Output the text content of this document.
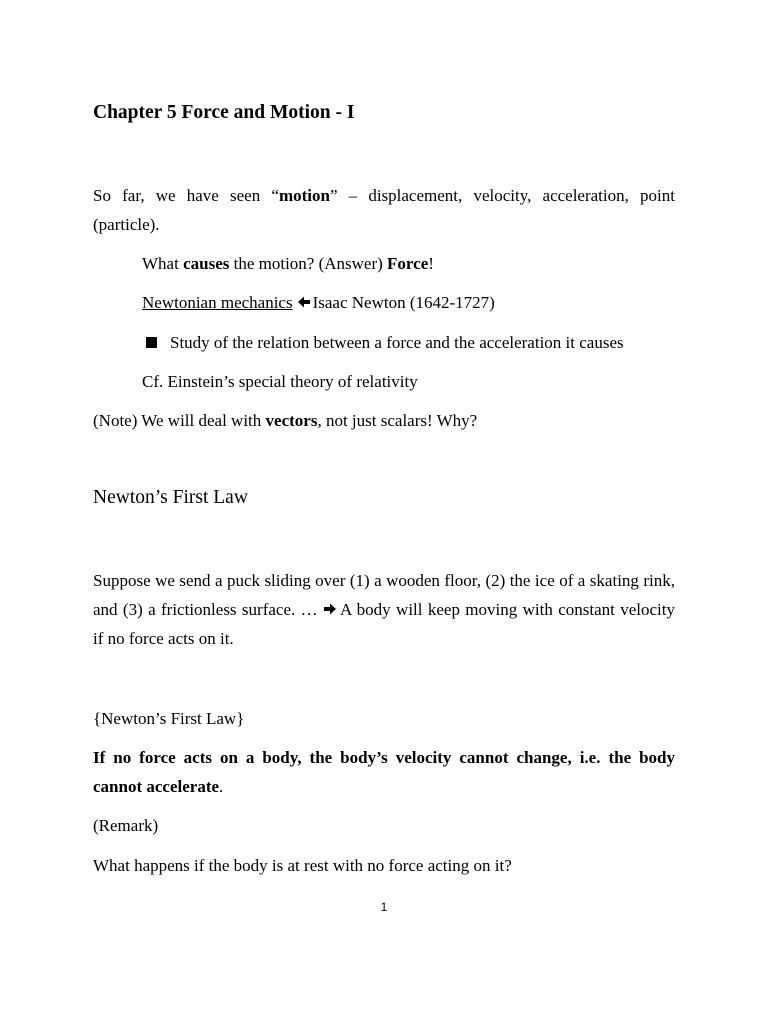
Chapter 5 Force and Motion - I
So far, we have seen “motion” – displacement, velocity, acceleration, point (particle).
What causes the motion? (Answer) Force!
Newtonian mechanics Isaac Newton (1642-1727)
Study of the relation between a force and the acceleration it causes
Cf. Einstein’s special theory of relativity
(Note) We will deal with vectors, not just scalars! Why?
Newton’s First Law
Suppose we send a puck sliding over (1) a wooden floor, (2) the ice of a skating rink, and (3) a frictionless surface. … A body will keep moving with constant velocity if no force acts on it.
{Newton’s First Law}
If no force acts on a body, the body’s velocity cannot change, i.e. the body cannot accelerate.
(Remark)
What happens if the body is at rest with no force acting on it?
1
